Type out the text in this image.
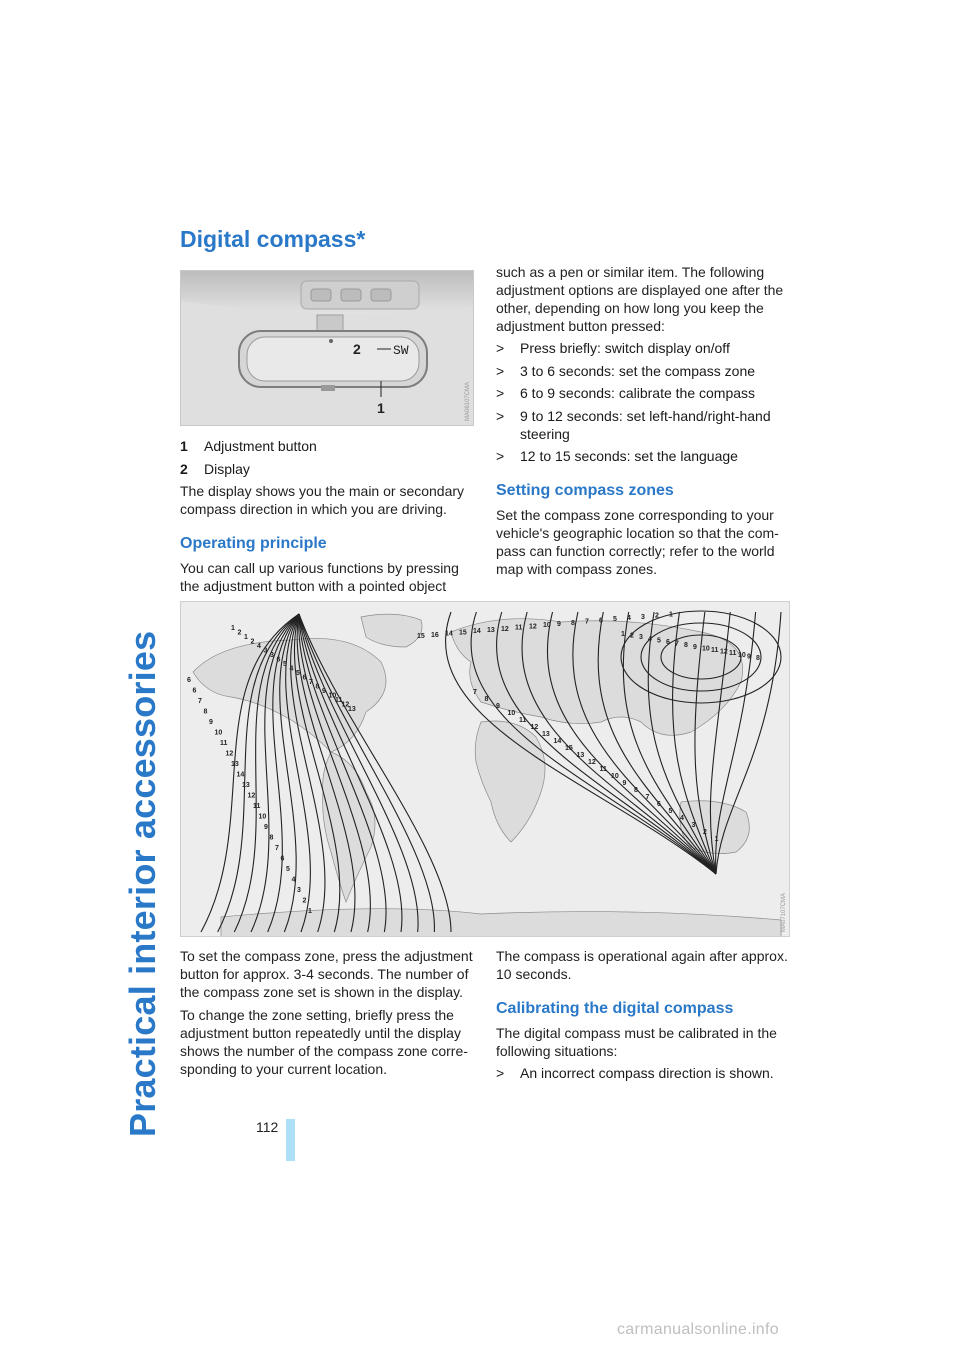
Practical interior accessories
Digital compass*
2 SW
1	MA06107CMA
1 Adjustment button
2 Display

The display shows you the main or secondary

compass direction in which you are driving.

Operating principle

You can call up various functions by pressing

the adjustment button with a pointed object

such as a pen or similar item. The following

adjustment options are displayed one after the

other, depending on how long you keep the

adjustment button pressed:

> Press briefly: switch display on/off
> 3 to 6 seconds: set the compass zone
> 6 to 9 seconds: calibrate the compass
> 9 to 12 seconds: set left-hand/right-hand
steering
> 12 to 15 seconds: set the language
Setting compass zones

Set the compass zone corresponding to your

vehicle's geographic location so that the com-

pass can function correctly; refer to the world

map with compass zones.

1
2
1
2
4
3
3
6
5
4
5
6
7
8
9
10
11
12
13
15 16 14 15 14 13 12 11 12 10 9 8 7 6 5 4 3 2 1
1 2 3 4 5 6 7 8 9 10 11 12 11 10 9 8
6
6
7
8
9
10
11
12
13
14
13
12
11
10
9
8
7
6
5
4
3
2
1
7
8
9
10
11
12
13
14
15
13
12
11
10
9
8
7
6
5
4
3
2
1
MA07107CMA

To set the compass zone, press the adjustment

button for approx. 3-4 seconds. The number of

the compass zone set is shown in the display.

To change the zone setting, briefly press the

adjustment button repeatedly until the display

shows the number of the compass zone corre-

sponding to your current location.

The compass is operational again after approx.

10 seconds.

Calibrating the digital compass

The digital compass must be calibrated in the

following situations:

> An incorrect compass direction is shown.
112
carmanualsonline.info
